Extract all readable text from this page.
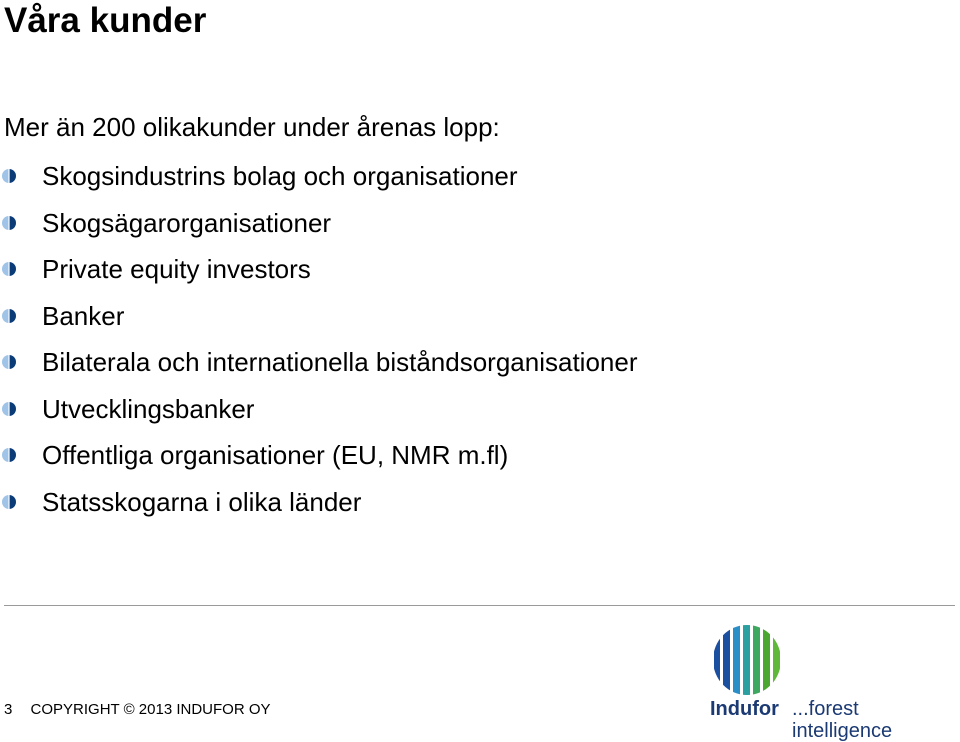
Våra kunder
Mer än 200 olikakunder under årenas lopp:
Skogsindustrins bolag och organisationer
Skogsägarorganisationer
Private equity investors
Banker
Bilaterala och internationella biståndsorganisationer
Utvecklingsbanker
Offentliga organisationer (EU, NMR m.fl)
Statsskogarna i olika länder
3 COPYRIGHT © 2013 INDUFOR OY	Indufor ...forest intelligence
